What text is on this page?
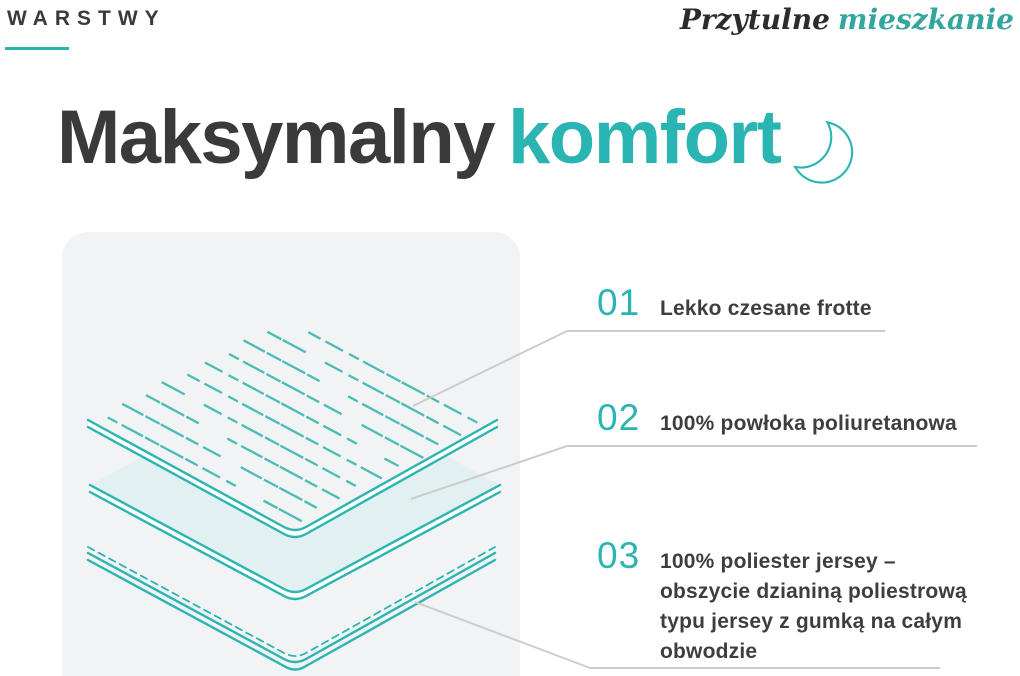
WARSTWY	Przytulne mieszkanie
Maksymalny komfort
01 Lekko czesane frotte
02 100% powłoka poliuretanowa
03 100% poliester jersey – obszycie dzianiną poliestrową typu jersey z gumką na całym obwodzie
